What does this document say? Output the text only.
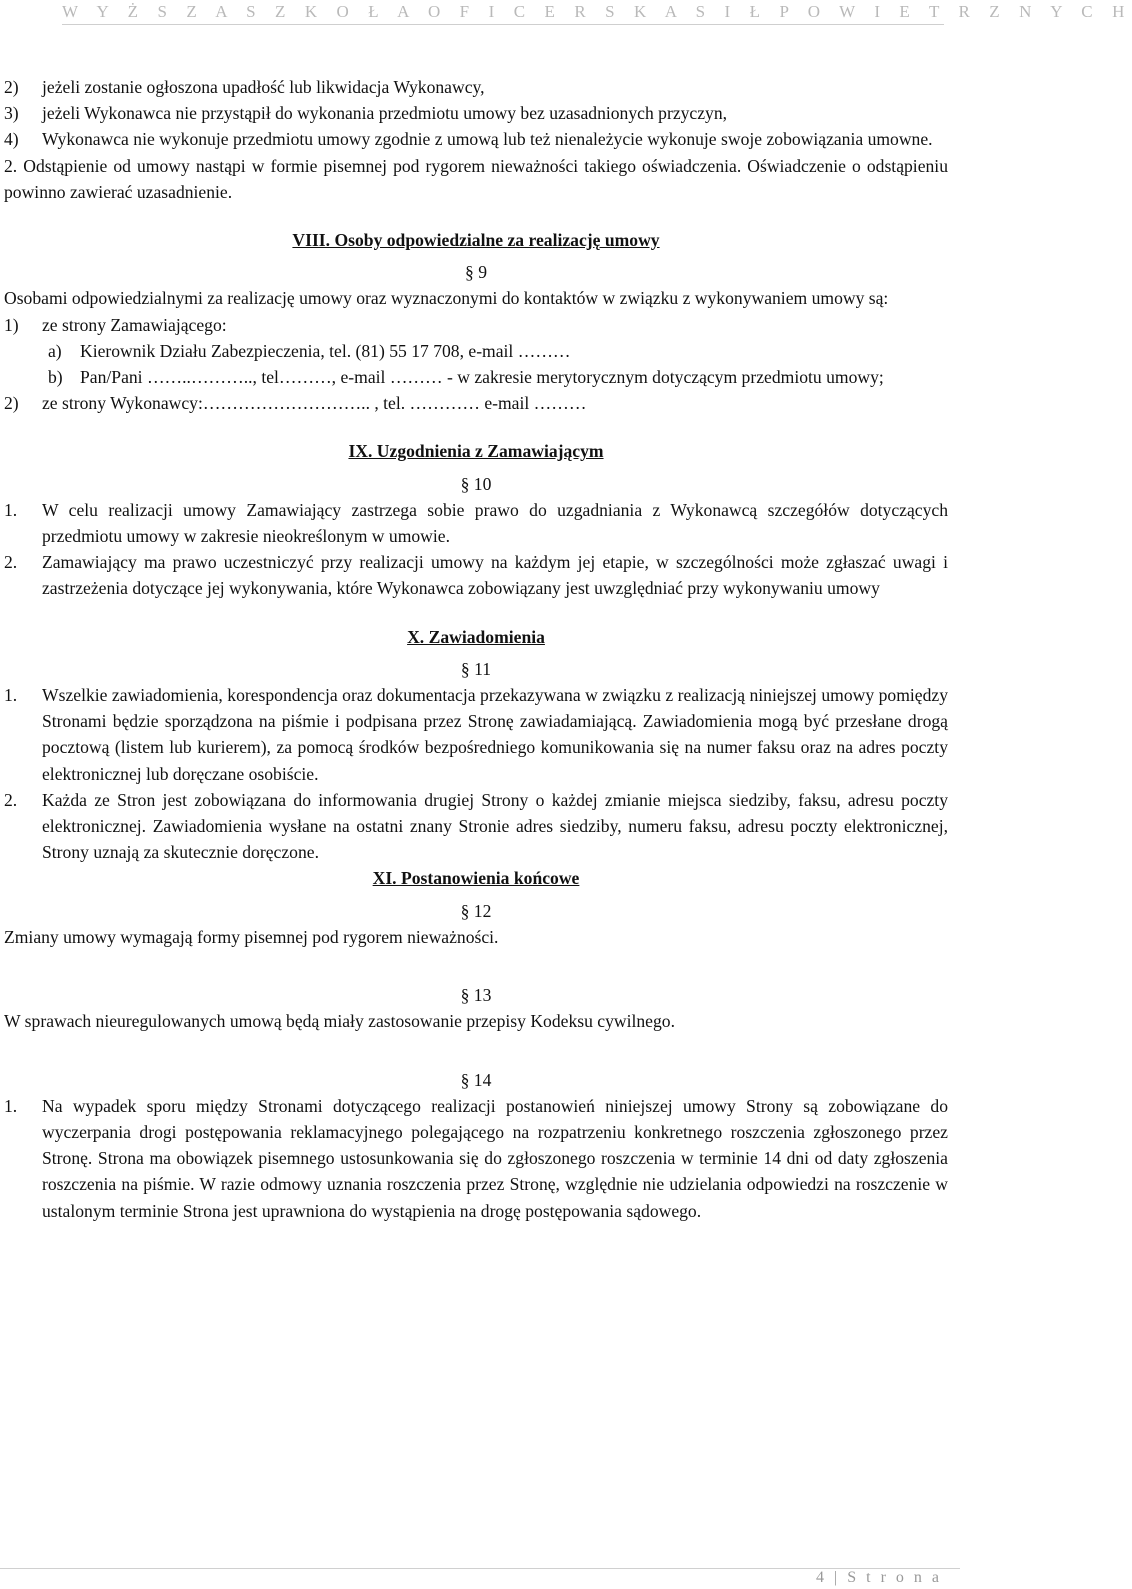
W Y Ż S Z A S Z K O Ł A O F I C E R S K A S I Ł P O W I E T R Z N Y C H
2)	jeżeli zostanie ogłoszona upadłość lub likwidacja Wykonawcy,
3)	jeżeli Wykonawca nie przystąpił do wykonania przedmiotu umowy bez uzasadnionych przyczyn,
4)	Wykonawca nie wykonuje przedmiotu umowy zgodnie z umową lub też nienależycie wykonuje swoje zobowiązania umowne.

2. Odstąpienie od umowy nastąpi w formie pisemnej pod rygorem nieważności takiego oświadczenia. Oświadczenie o odstąpieniu powinno zawierać uzasadnienie.

VIII. Osoby odpowiedzialne za realizację umowy

§ 9

Osobami odpowiedzialnymi za realizację umowy oraz wyznaczonymi do kontaktów w związku z wykonywaniem umowy są:

1)	ze strony Zamawiającego:
a)	Kierownik Działu Zabezpieczenia, tel. (81) 55 17 708, e-mail ………
b) Pan/Pani ……..……….., tel………, e-mail ……… - w zakresie merytorycznym dotyczącym przedmiotu umowy;
2)	ze strony Wykonawcy:……………………….. , tel. ………… e-mail ………

IX. Uzgodnienia z Zamawiającym

§ 10

1.	W celu realizacji umowy Zamawiający zastrzega sobie prawo do uzgadniania z Wykonawcą szczegółów dotyczących przedmiotu umowy w zakresie nieokreślonym w umowie.
2.	Zamawiający ma prawo uczestniczyć przy realizacji umowy na każdym jej etapie, w szczególności może zgłaszać uwagi i zastrzeżenia dotyczące jej wykonywania, które Wykonawca zobowiązany jest uwzględniać przy wykonywaniu umowy

X. Zawiadomienia

§ 11

1.	Wszelkie zawiadomienia, korespondencja oraz dokumentacja przekazywana w związku z realizacją niniejszej umowy pomiędzy Stronami będzie sporządzona na piśmie i podpisana przez Stronę zawiadamiającą. Zawiadomienia mogą być przesłane drogą pocztową (listem lub kurierem), za pomocą środków bezpośredniego komunikowania się na numer faksu oraz na adres poczty elektronicznej lub doręczane osobiście.
2.	Każda ze Stron jest zobowiązana do informowania drugiej Strony o każdej zmianie miejsca siedziby, faksu, adresu poczty elektronicznej. Zawiadomienia wysłane na ostatni znany Stronie adres siedziby, numeru faksu, adresu poczty elektronicznej, Strony uznają za skutecznie doręczone.

XI. Postanowienia końcowe

§ 12

Zmiany umowy wymagają formy pisemnej pod rygorem nieważności.

§ 13

W sprawach nieuregulowanych umową będą miały zastosowanie przepisy Kodeksu cywilnego.

§ 14

1.	Na wypadek sporu między Stronami dotyczącego realizacji postanowień niniejszej umowy Strony są zobowiązane do wyczerpania drogi postępowania reklamacyjnego polegającego na rozpatrzeniu konkretnego roszczenia zgłoszonego przez Stronę. Strona ma obowiązek pisemnego ustosunkowania się do zgłoszonego roszczenia w terminie 14 dni od daty zgłoszenia roszczenia na piśmie. W razie odmowy uznania roszczenia przez Stronę, względnie nie udzielania odpowiedzi na roszczenie w ustalonym terminie Strona jest uprawniona do wystąpienia na drogę postępowania sądowego.
4 | S t r o n a
